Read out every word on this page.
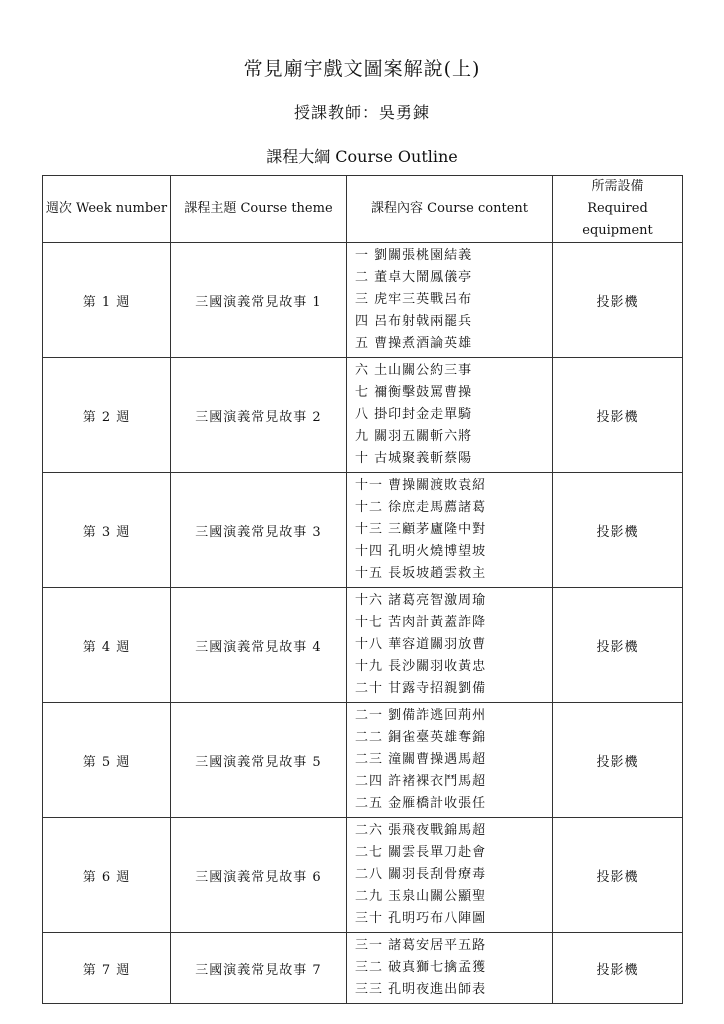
常見廟宇戲文圖案解說(上)
授課教師：吳勇錬
課程大綱 Course Outline
週次 Week number	課程主題 Course theme	課程內容 Course content	所需設備 Required equipment
第 1 週	三國演義常見故事 1	一 劉關張桃園結義
二 董卓大鬧鳳儀亭
三 虎牢三英戰呂布
四 呂布射戟兩罷兵
五 曹操煮酒論英雄	投影機
第 2 週	三國演義常見故事 2	六 土山關公約三事
七 禰衡擊鼓罵曹操
八 掛印封金走單騎
九 關羽五關斬六將
十 古城聚義斬蔡陽	投影機
第 3 週	三國演義常見故事 3	十一 曹操關渡敗袁紹
十二 徐庶走馬薦諸葛
十三 三顧茅廬隆中對
十四 孔明火燒博望坡
十五 長坂坡趙雲救主	投影機
第 4 週	三國演義常見故事 4	十六 諸葛亮智激周瑜
十七 苦肉計黃蓋詐降
十八 華容道關羽放曹
十九 長沙關羽收黃忠
二十 甘露寺招親劉備	投影機
第 5 週	三國演義常見故事 5	二一 劉備詐逃回荊州
二二 銅雀臺英雄奪錦
二三 潼關曹操遇馬超
二四 許褚裸衣鬥馬超
二五 金雁橋計收張任	投影機
第 6 週	三國演義常見故事 6	二六 張飛夜戰錦馬超
二七 關雲長單刀赴會
二八 關羽長刮骨療毒
二九 玉泉山關公顯聖
三十 孔明巧布八陣圖	投影機
第 7 週	三國演義常見故事 7	三一 諸葛安居平五路
三二 破真獅七擒孟獲
三三 孔明夜進出師表	投影機
